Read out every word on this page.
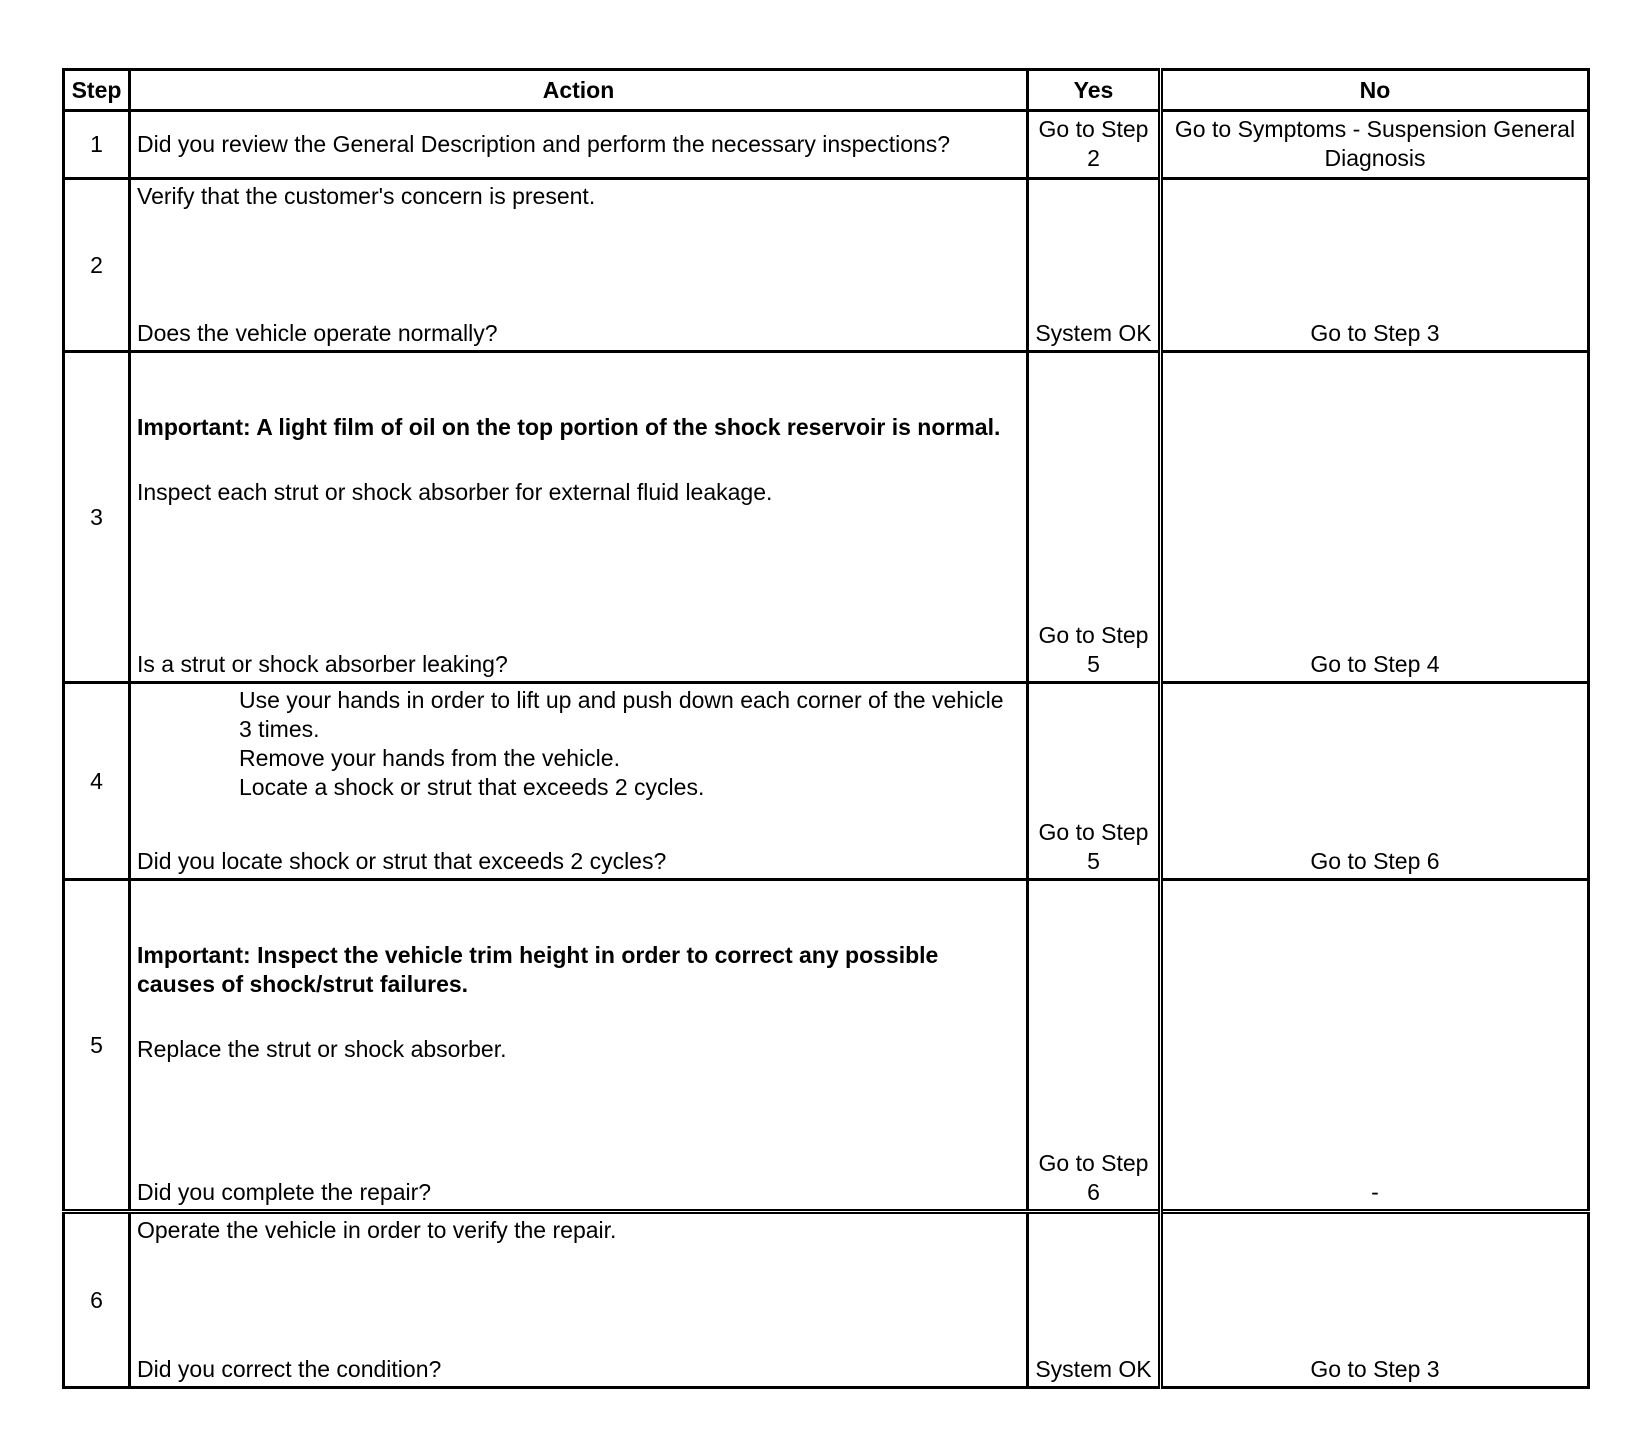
Step	Action	Yes	No
1	Did you review the General Description and perform the necessary inspections?	Go to Step 2	Go to Symptoms - Suspension General Diagnosis
2	Verify that the customer's concern is present.
Does the vehicle operate normally?	System OK	Go to Step 3
3	Important: A light film of oil on the top portion of the shock reservoir is normal.
Inspect each strut or shock absorber for external fluid leakage.
Is a strut or shock absorber leaking?	Go to Step 5	Go to Step 4
4	Use your hands in order to lift up and push down each corner of the vehicle 3 times.
Remove your hands from the vehicle.
Locate a shock or strut that exceeds 2 cycles.
Did you locate shock or strut that exceeds 2 cycles?	Go to Step 5	Go to Step 6
5	Important: Inspect the vehicle trim height in order to correct any possible causes of shock/strut failures.
Replace the strut or shock absorber.
Did you complete the repair?	Go to Step 6	-
6	Operate the vehicle in order to verify the repair.
Did you correct the condition?	System OK	Go to Step 3
